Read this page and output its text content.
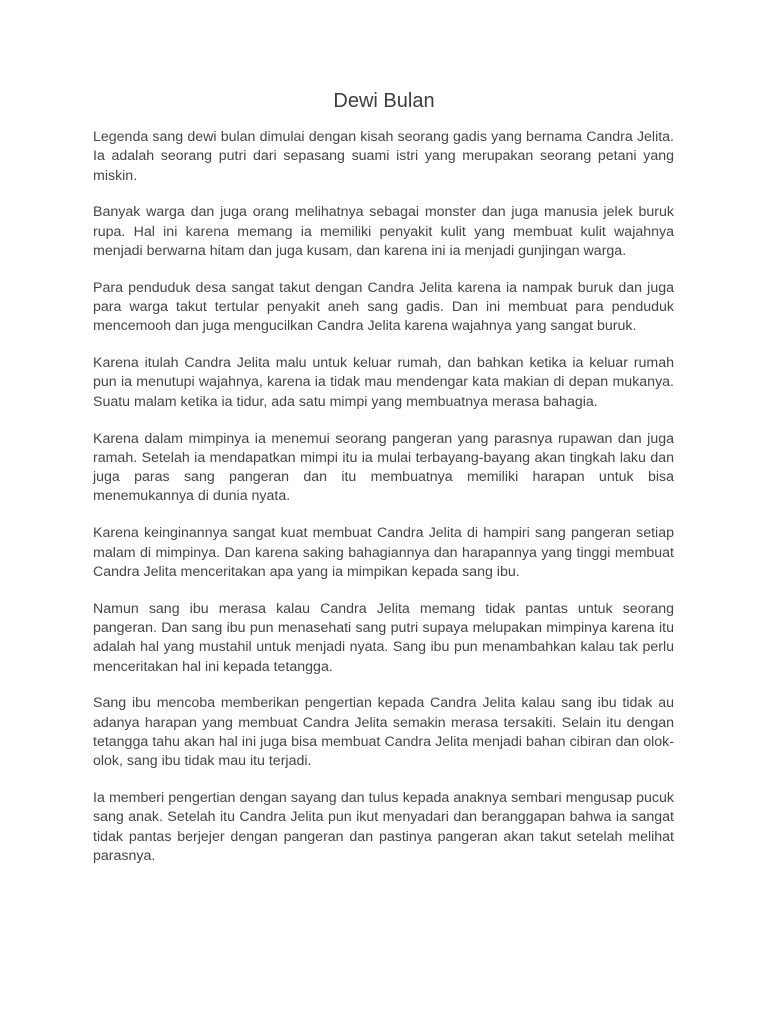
Dewi Bulan

Legenda sang dewi bulan dimulai dengan kisah seorang gadis yang bernama Candra Jelita. Ia adalah seorang putri dari sepasang suami istri yang merupakan seorang petani yang miskin.

Banyak warga dan juga orang melihatnya sebagai monster dan juga manusia jelek buruk rupa. Hal ini karena memang ia memiliki penyakit kulit yang membuat kulit wajahnya menjadi berwarna hitam dan juga kusam, dan karena ini ia menjadi gunjingan warga.

Para penduduk desa sangat takut dengan Candra Jelita karena ia nampak buruk dan juga para warga takut tertular penyakit aneh sang gadis. Dan ini membuat para penduduk mencemooh dan juga mengucilkan Candra Jelita karena wajahnya yang sangat buruk.

Karena itulah Candra Jelita malu untuk keluar rumah, dan bahkan ketika ia keluar rumah pun ia menutupi wajahnya, karena ia tidak mau mendengar kata makian di depan mukanya. Suatu malam ketika ia tidur, ada satu mimpi yang membuatnya merasa bahagia.

Karena dalam mimpinya ia menemui seorang pangeran yang parasnya rupawan dan juga ramah. Setelah ia mendapatkan mimpi itu ia mulai terbayang-bayang akan tingkah laku dan juga paras sang pangeran dan itu membuatnya memiliki harapan untuk bisa menemukannya di dunia nyata.

Karena keinginannya sangat kuat membuat Candra Jelita di hampiri sang pangeran setiap malam di mimpinya. Dan karena saking bahagiannya dan harapannya yang tinggi membuat Candra Jelita menceritakan apa yang ia mimpikan kepada sang ibu.

Namun sang ibu merasa kalau Candra Jelita memang tidak pantas untuk seorang pangeran. Dan sang ibu pun menasehati sang putri supaya melupakan mimpinya karena itu adalah hal yang mustahil untuk menjadi nyata. Sang ibu pun menambahkan kalau tak perlu menceritakan hal ini kepada tetangga.

Sang ibu mencoba memberikan pengertian kepada Candra Jelita kalau sang ibu tidak au adanya harapan yang membuat Candra Jelita semakin merasa tersakiti. Selain itu dengan tetangga tahu akan hal ini juga bisa membuat Candra Jelita menjadi bahan cibiran dan olok-olok, sang ibu tidak mau itu terjadi.

Ia memberi pengertian dengan sayang dan tulus kepada anaknya sembari mengusap pucuk sang anak. Setelah itu Candra Jelita pun ikut menyadari dan beranggapan bahwa ia sangat tidak pantas berjejer dengan pangeran dan pastinya pangeran akan takut setelah melihat parasnya.
